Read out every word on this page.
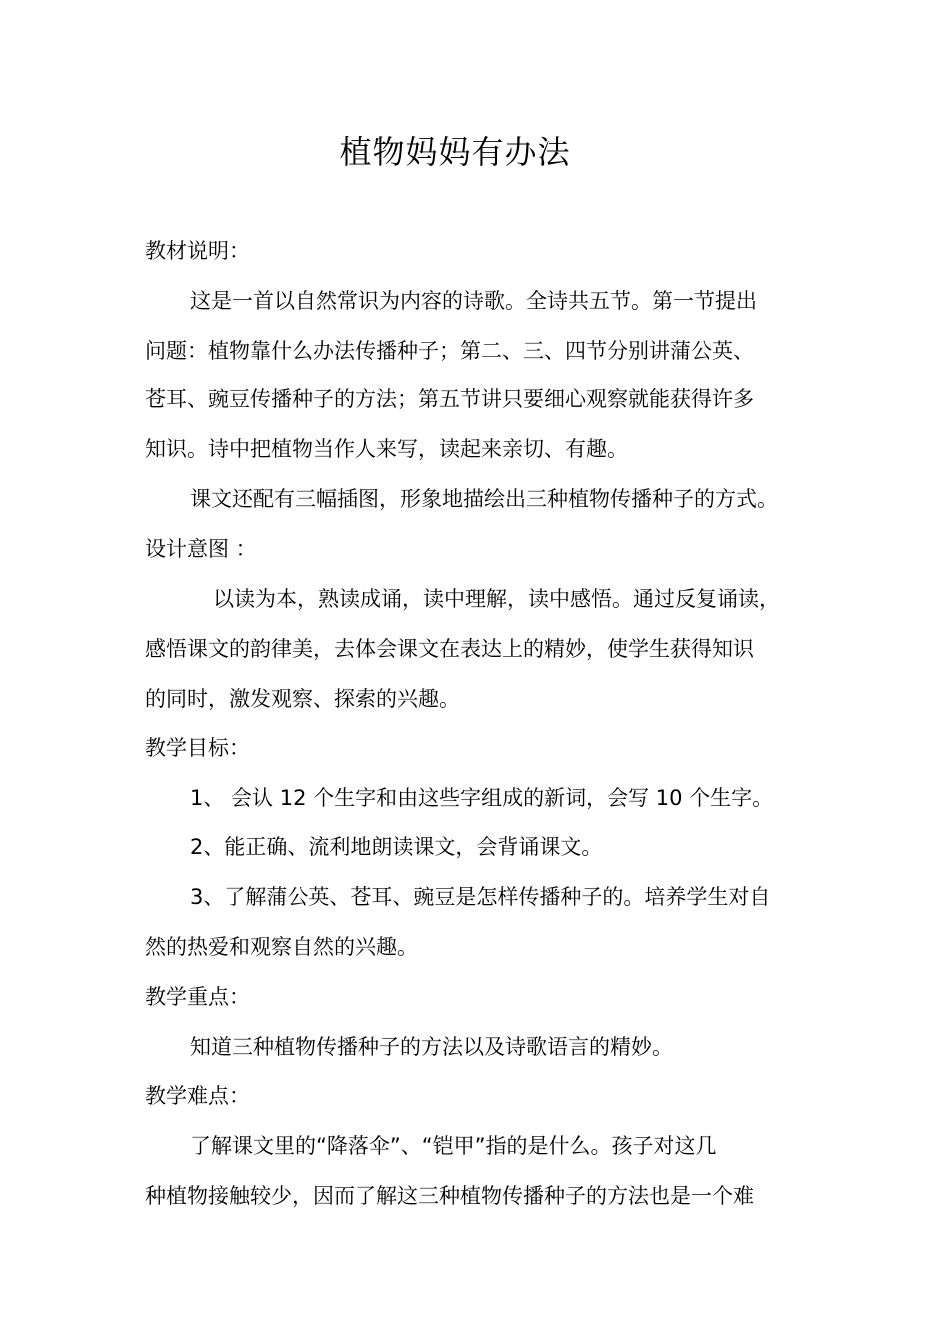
植物妈妈有办法
教材说明：
这是一首以自然常识为内容的诗歌。全诗共五节。第一节提出
问题：植物靠什么办法传播种子；第二、三、四节分别讲蒲公英、
苍耳、豌豆传播种子的方法；第五节讲只要细心观察就能获得许多
知识。诗中把植物当作人来写，读起来亲切、有趣。
课文还配有三幅插图，形象地描绘出三种植物传播种子的方式。
设计意图 ：
以读为本，熟读成诵，读中理解，读中感悟。通过反复诵读，
感悟课文的韵律美，去体会课文在表达上的精妙，使学生获得知识
的同时，激发观察、探索的兴趣。
教学目标：
1、 会认 12 个生字和由这些字组成的新词，会写 10 个生字。
2、能正确、流利地朗读课文，会背诵课文。
3、了解蒲公英、苍耳、豌豆是怎样传播种子的。培养学生对自
然的热爱和观察自然的兴趣。
教学重点：
知道三种植物传播种子的方法以及诗歌语言的精妙。
教学难点：
了解课文里的“降落伞”、“铠甲”指的是什么。孩子对这几
种植物接触较少，因而了解这三种植物传播种子的方法也是一个难
